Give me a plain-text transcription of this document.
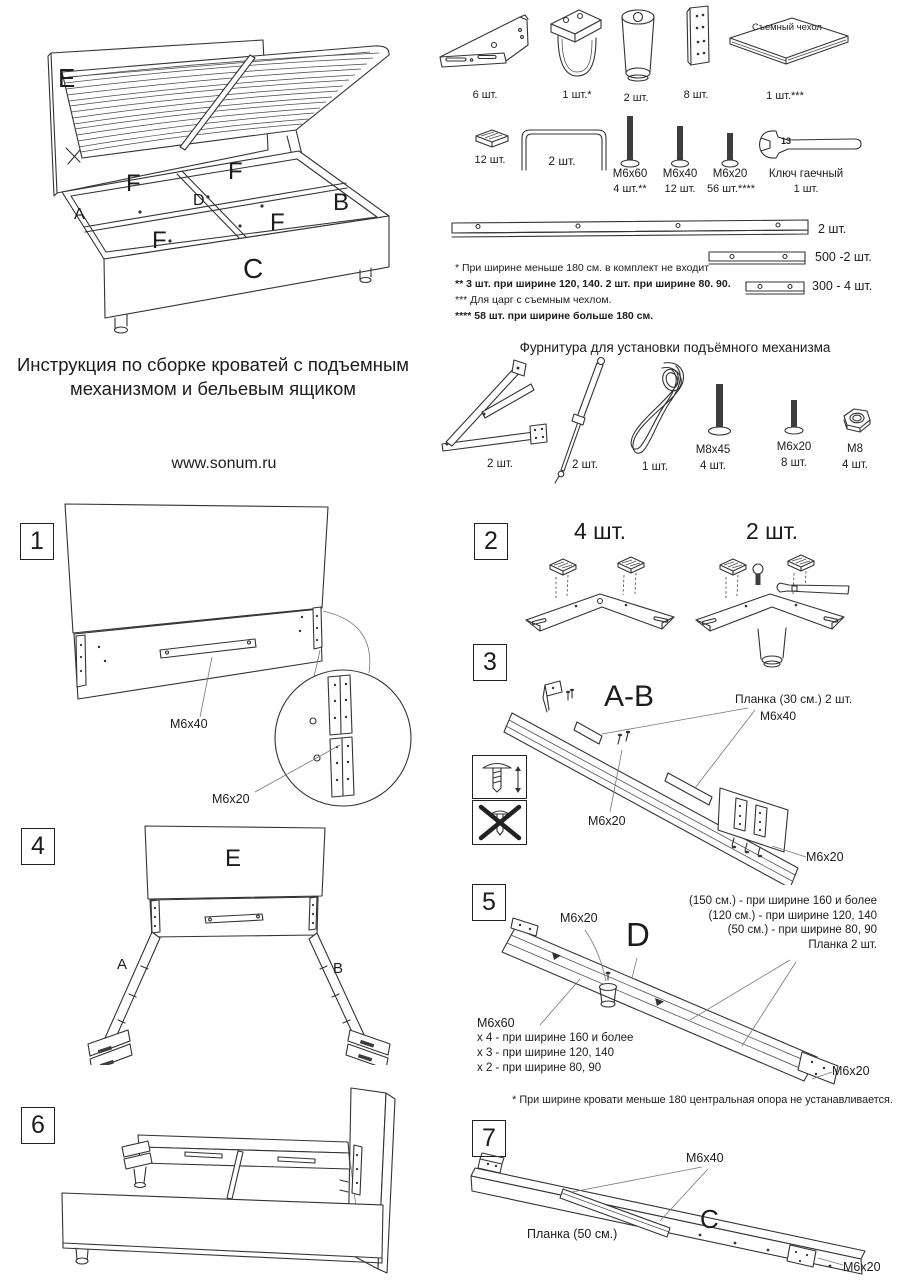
E
F	F
F
F
D
A	B
C
Съемный чехол
6 шт.	1 шт.*	2 шт.	8 шт.	1 шт.***
13
12 шт.	2 шт.
M6x60
4 шт.**
M6x40
12 шт.
M6x20
56 шт.****
Ключ гаечный
1 шт.
2 шт.
500 -2 шт.
300 - 4 шт.
* При ширине меньше 180 см. в комплект не входит
** 3 шт. при ширине 120, 140. 2 шт. при ширине 80. 90.
*** Для царг с съемным чехлом.
**** 58 шт. при ширине больше 180 см.
Инструкция по сборке кроватей с подъемным
механизмом и бельевым ящиком
www.sonum.ru
Фурнитура для установки подъёмного механизма
2 шт.	2 шт.	1 шт.
M8x45
4 шт.
M6x20
8 шт.
M8
4 шт.
1
M6x40
M6x20
2	4 шт.	2 шт.
3
A-B	Планка (30 см.) 2 шт.
M6x40
M6x20
M6x20
4	E
A	B
5
M6x20 D
(150 см.) - при ширине 160 и более
(120 см.) - при ширине 120, 140
(50 см.) - при ширине 80, 90
Планка 2 шт.
M6x60
x 4 - при ширине 160 и более
x 3 - при ширине 120, 140
x 2 - при ширине 80, 90	M6x20
* При ширине кровати меньше 180 центральная опора не устанавливается.
6	7
M6x40
Планка (50 см.)	C
M6x20
